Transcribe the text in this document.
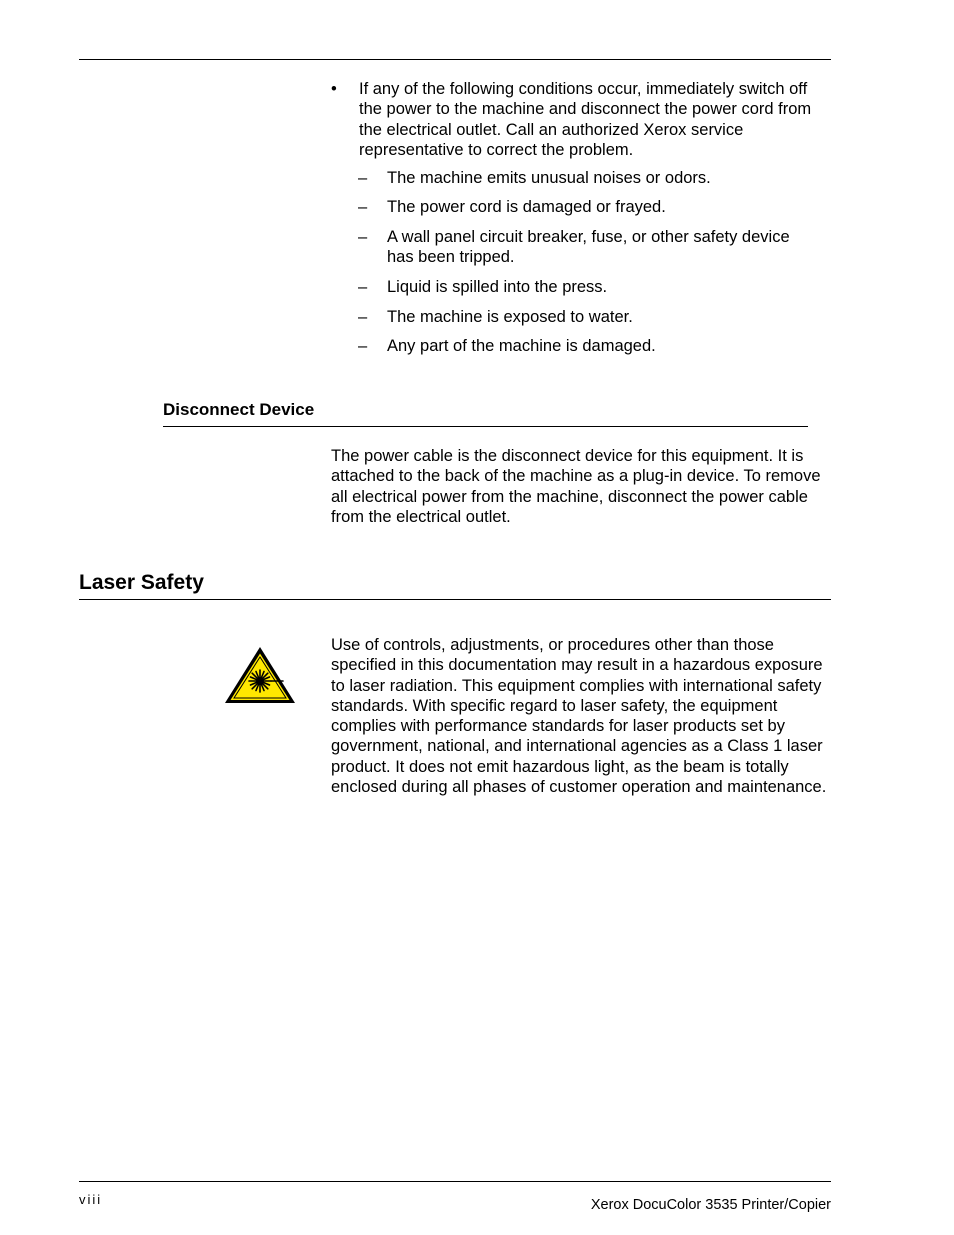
• If any of the following conditions occur, immediately switch off the power to the machine and disconnect the power cord from the electrical outlet. Call an authorized Xerox service representative to correct the problem.
– The machine emits unusual noises or odors.
– The power cord is damaged or frayed.
– A wall panel circuit breaker, fuse, or other safety device has been tripped.
– Liquid is spilled into the press.
– The machine is exposed to water.
– Any part of the machine is damaged.
Disconnect Device
The power cable is the disconnect device for this equipment. It is attached to the back of the machine as a plug-in device. To remove all electrical power from the machine, disconnect the power cable from the electrical outlet.
Laser Safety
Use of controls, adjustments, or procedures other than those specified in this documentation may result in a hazardous exposure to laser radiation. This equipment complies with international safety standards. With specific regard to laser safety, the equipment complies with performance standards for laser products set by government, national, and international agencies as a Class 1 laser product. It does not emit hazardous light, as the beam is totally enclosed during all phases of customer operation and maintenance.
viii	Xerox DocuColor 3535 Printer/Copier
